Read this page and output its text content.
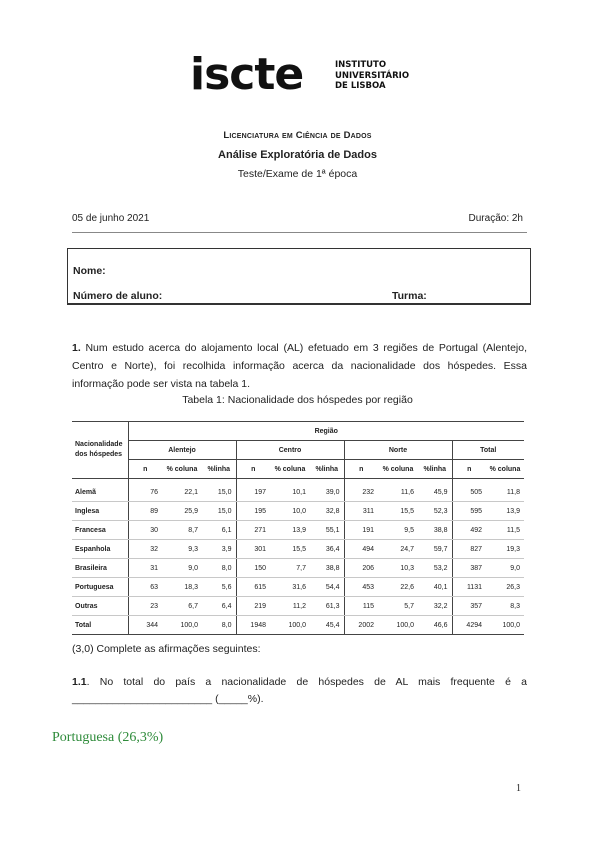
iscte	INSTITUTO
UNIVERSITÁRIO
DE LISBOA
Licenciatura em Ciência de Dados
Análise Exploratória de Dados
Teste/Exame de 1ª época
05 de junho 2021	Duração: 2h
Nome:
Número de aluno:	Turma:
1. Num estudo acerca do alojamento local (AL) efetuado em 3 regiões de Portugal (Alentejo, Centro e Norte), foi recolhida informação acerca da nacionalidade dos hóspedes. Essa informação pode ser vista na tabela 1.
Tabela 1: Nacionalidade dos hóspedes por região
Nacionalidade dos hóspedes	Região										
	Alentejo			Centro			Norte			Total	
	n	% coluna	%linha	n	% coluna	%linha	n	% coluna	%linha	n	% coluna
Alemã	76	22,1	15,0	197	10,1	39,0	232	11,6	45,9	505	11,8
Inglesa	89	25,9	15,0	195	10,0	32,8	311	15,5	52,3	595	13,9
Francesa	30	8,7	6,1	271	13,9	55,1	191	9,5	38,8	492	11,5
Espanhola	32	9,3	3,9	301	15,5	36,4	494	24,7	59,7	827	19,3
Brasileira	31	9,0	8,0	150	7,7	38,8	206	10,3	53,2	387	9,0
Portuguesa	63	18,3	5,6	615	31,6	54,4	453	22,6	40,1	1131	26,3
Outras	23	6,7	6,4	219	11,2	61,3	115	5,7	32,2	357	8,3
Total	344	100,0	8,0	1948	100,0	45,4	2002	100,0	46,6	4294	100,0
(3,0) Complete as afirmações seguintes:
1.1. No total do país a nacionalidade de hóspedes de AL mais frequente é a ________________________ (_____%).
Portuguesa (26,3%)
1
